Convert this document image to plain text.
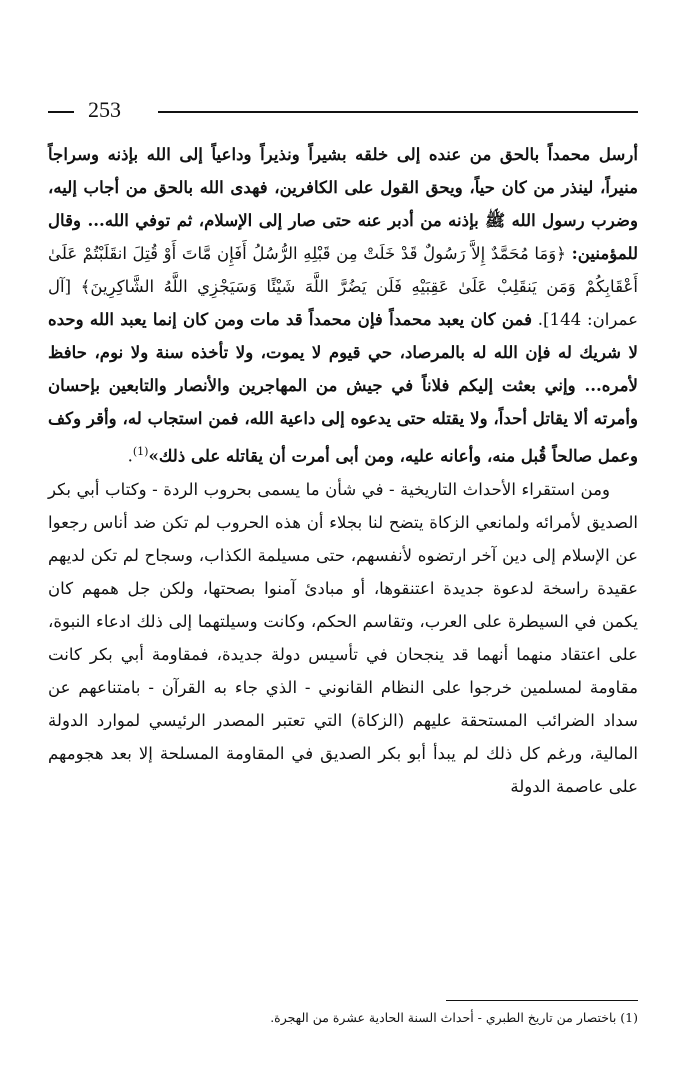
253

أرسل محمداً بالحق من عنده إلى خلقه بشيراً ونذيراً وداعياً إلى الله بإذنه وسراجاً منيراً، لينذر من كان حياً، ويحق القول على الكافرين، فهدى الله بالحق من أجاب إليه، وضرب رسول الله ﷺ بإذنه من أدبر عنه حتى صار إلى الإسلام، ثم توفي الله... وقال للمؤمنين: ﴿وَمَا مُحَمَّدٌ إِلاَّ رَسُولٌ قَدْ خَلَتْ مِن قَبْلِهِ الرُّسُلُ أَفَإِن مَّاتَ أَوْ قُتِلَ انقَلَبْتُمْ عَلَىٰ أَعْقَابِكُمْ وَمَن يَنقَلِبْ عَلَىٰ عَقِبَيْهِ فَلَن يَضُرَّ اللَّهَ شَيْئًا وَسَيَجْزِي اللَّهُ الشَّاكِرِينَ﴾ [آل عمران: 144]. فمن كان يعبد محمداً فإن محمداً قد مات ومن كان إنما يعبد الله وحده لا شريك له فإن الله له بالمرصاد، حي قيوم لا يموت، ولا تأخذه سنة ولا نوم، حافظ لأمره... وإني بعثت إليكم فلاناً في جيش من المهاجرين والأنصار والتابعين بإحسان وأمرته ألا يقاتل أحداً، ولا يقتله حتى يدعوه إلى داعية الله، فمن استجاب له، وأقر وكف وعمل صالحاً قُبل منه، وأعانه عليه، ومن أبى أمرت أن يقاتله على ذلك»$^{(1)}$.

ومن استقراء الأحداث التاريخية - في شأن ما يسمى بحروب الردة - وكتاب أبي بكر الصديق لأمرائه ولمانعي الزكاة يتضح لنا بجلاء أن هذه الحروب لم تكن ضد أناس رجعوا عن الإسلام إلى دين آخر ارتضوه لأنفسهم، حتى مسيلمة الكذاب، وسجاح لم تكن لديهم عقيدة راسخة لدعوة جديدة اعتنقوها، أو مبادئ آمنوا بصحتها، ولكن جل همهم كان يكمن في السيطرة على العرب، وتقاسم الحكم، وكانت وسيلتهما إلى ذلك ادعاء النبوة، على اعتقاد منهما أنهما قد ينجحان في تأسيس دولة جديدة، فمقاومة أبي بكر كانت مقاومة لمسلمين خرجوا على النظام القانوني - الذي جاء به القرآن - بامتناعهم عن سداد الضرائب المستحقة عليهم (الزكاة) التي تعتبر المصدر الرئيسي لموارد الدولة المالية، ورغم كل ذلك لم يبدأ أبو بكر الصديق في المقاومة المسلحة إلا بعد هجومهم على عاصمة الدولة

(1) باختصار من تاريخ الطبري - أحداث السنة الحادية عشرة من الهجرة.
